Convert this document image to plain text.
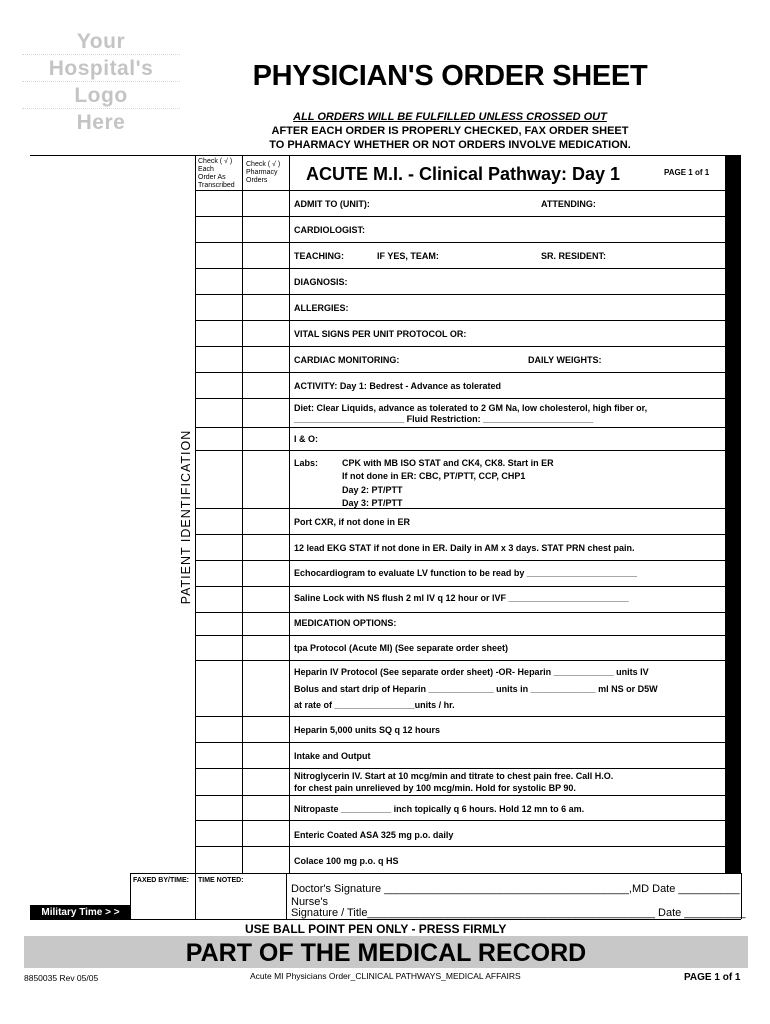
Your
Hospital's
Logo
Here
PHYSICIAN'S ORDER SHEET
ALL ORDERS WILL BE FULFILLED UNLESS CROSSED OUT
AFTER EACH ORDER IS PROPERLY CHECKED, FAX ORDER SHEET
TO PHARMACY WHETHER OR NOT ORDERS INVOLVE MEDICATION.
Check ( √ )
Each
Order As
Transcribed
Check ( √ )
Pharmacy
Orders	ACUTE M.I. - Clinical Pathway: Day 1	PAGE 1 of 1
PATIENT IDENTIFICATION
ADMIT TO (UNIT):	ATTENDING:
CARDIOLOGIST:
TEACHING:	IF YES, TEAM:	SR. RESIDENT:
DIAGNOSIS:
ALLERGIES:
VITAL SIGNS PER UNIT PROTOCOL OR:
CARDIAC MONITORING:	DAILY WEIGHTS:
ACTIVITY: Day 1: Bedrest - Advance as tolerated
Diet: Clear Liquids, advance as tolerated to 2 GM Na, low cholesterol, high fiber or,
______________________ Fluid Restriction: ______________________
I & O:
Labs:	CPK with MB ISO STAT and CK4, CK8. Start in ER
If not done in ER: CBC, PT/PTT, CCP, CHP1
Day 2: PT/PTT
Day 3: PT/PTT
Port CXR, if not done in ER
12 lead EKG STAT if not done in ER. Daily in AM x 3 days. STAT PRN chest pain.
Echocardiogram to evaluate LV function to be read by ______________________
Saline Lock with NS flush 2 ml IV q 12 hour or IVF ________________________
MEDICATION OPTIONS:
tpa Protocol (Acute MI) (See separate order sheet)
Heparin IV Protocol (See separate order sheet) -OR- Heparin ____________ units IV
Bolus and start drip of Heparin _____________ units in _____________ ml NS or D5W
at rate of ________________units / hr.
Heparin 5,000 units SQ q 12 hours
Intake and Output
Nitroglycerin IV. Start at 10 mcg/min and titrate to chest pain free. Call H.O.
for chest pain unrelieved by 100 mcg/min. Hold for systolic BP 90.
Nitropaste __________ inch topically q 6 hours. Hold 12 mn to 6 am.
Enteric Coated ASA 325 mg p.o. daily
Colace 100 mg p.o. q HS
FAXED BY/TIME: TIME NOTED:
Military Time > >
Doctor's Signature ________________________________________,MD Date __________
Nurse's
Signature / Title_______________________________________________ Date __________
USE BALL POINT PEN ONLY - PRESS FIRMLY
PART OF THE MEDICAL RECORD
8850035 Rev 05/05	Acute MI Physicians Order_CLINICAL PATHWAYS_MEDICAL AFFAIRS	PAGE 1 of 1
